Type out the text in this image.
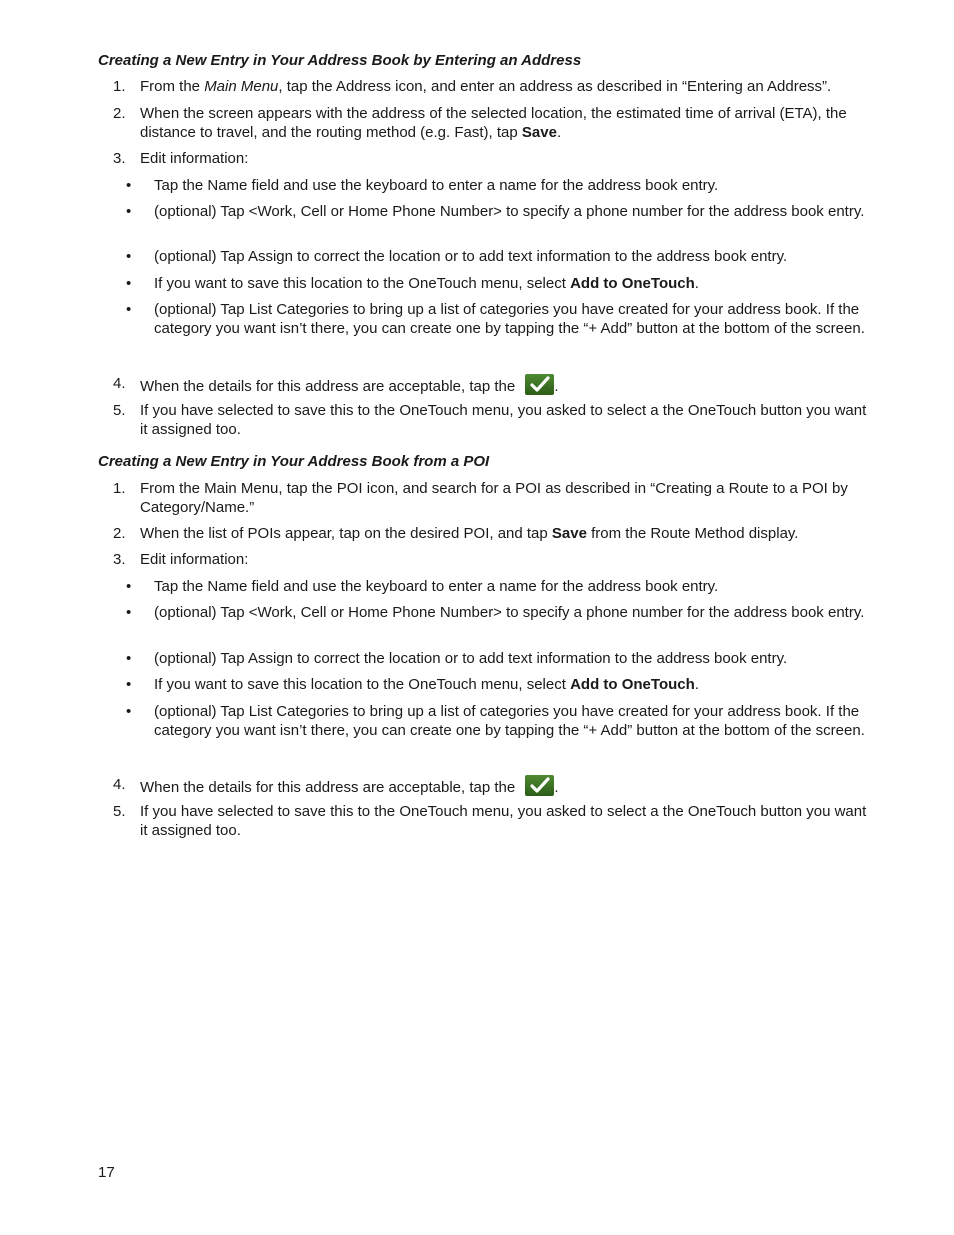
Creating a New Entry in Your Address Book by Entering an Address
1. From the Main Menu, tap the Address icon, and enter an address as described in “Entering an Address”.
2. When the screen appears with the address of the selected location, the estimated time of arrival (ETA), the distance to travel, and the routing method (e.g. Fast), tap Save.
3. Edit information:
• Tap the Name field and use the keyboard to enter a name for the address book entry.
• (optional) Tap <Work, Cell or Home Phone Number> to specify a phone number for the address book entry.
• (optional) Tap Assign to correct the location or to add text information to the address book entry.
• If you want to save this location to the OneTouch menu, select Add to OneTouch.
• (optional) Tap List Categories to bring up a list of categories you have created for your address book. If the category you want isn’t there, you can create one by tapping the “+ Add” button at the bottom of the screen.
4. When the details for this address are acceptable, tap the
.
5. If you have selected to save this to the OneTouch menu, you asked to select a the OneTouch button you want it assigned too.
Creating a New Entry in Your Address Book from a POI
1. From the Main Menu, tap the POI icon, and search for a POI as described in “Creating a Route to a POI by Category/Name.”
2. When the list of POIs appear, tap on the desired POI, and tap Save from the Route Method display.
3. Edit information:
• Tap the Name field and use the keyboard to enter a name for the address book entry.
• (optional) Tap <Work, Cell or Home Phone Number> to specify a phone number for the address book entry.
• (optional) Tap Assign to correct the location or to add text information to the address book entry.
• If you want to save this location to the OneTouch menu, select Add to OneTouch.
• (optional) Tap List Categories to bring up a list of categories you have created for your address book. If the category you want isn’t there, you can create one by tapping the “+ Add” button at the bottom of the screen.
4. When the details for this address are acceptable, tap the
.
5. If you have selected to save this to the OneTouch menu, you asked to select a the OneTouch button you want it assigned too.
17
